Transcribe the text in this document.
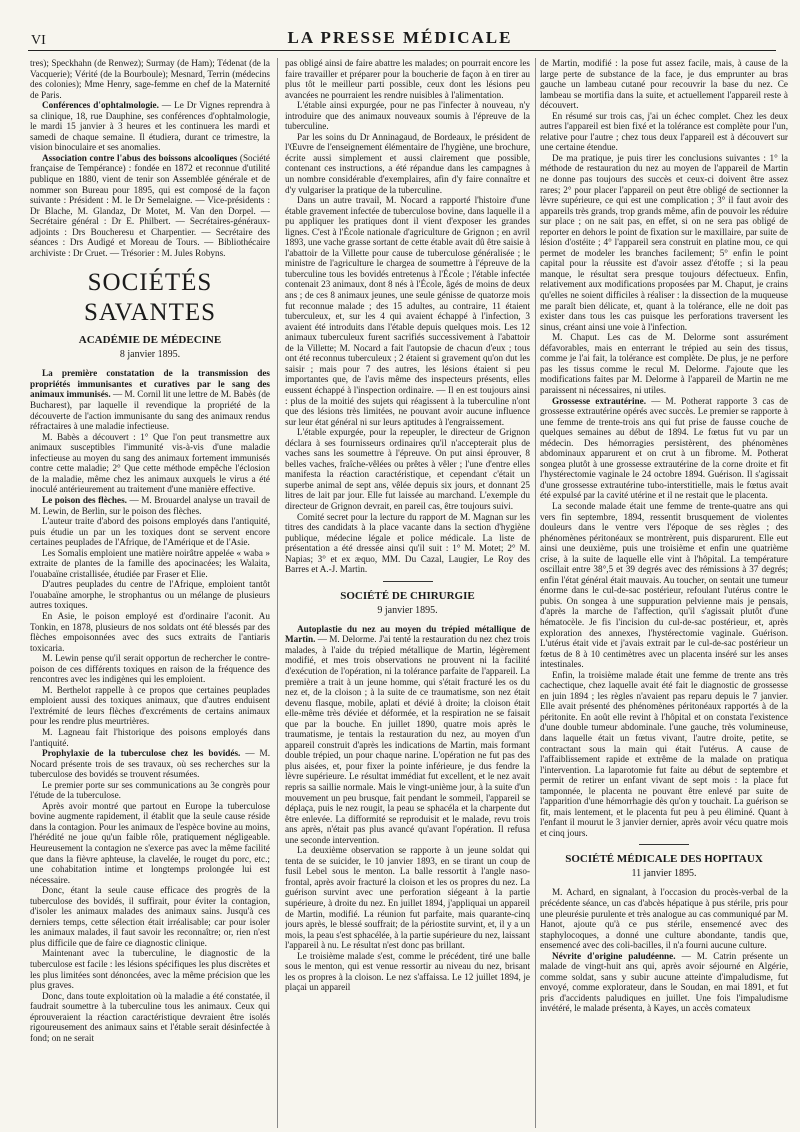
VI	LA PRESSE MÉDICALE

tres); Speckhahn (de Renwez); Surmay (de Ham); Tédenat (de la Vacquerie); Vérité (de la Bourboule); Mesnard, Terrin (médecins des colonies); Mme Henry, sage-femme en chef de la Maternité de Paris.

Conférences d'ophtalmologie. — Le Dr Vignes reprendra à sa clinique, 18, rue Dauphine, ses conférences d'ophtalmologie, le mardi 15 janvier à 3 heures et les continuera les mardi et samedi de chaque semaine. Il étudiera, durant ce trimestre, la vision binoculaire et ses anomalies.

Association contre l'abus des boissons alcooliques (Société française de Tempérance) : fondée en 1872 et reconnue d'utilité publique en 1880, vient de tenir son Assemblée générale et de nommer son Bureau pour 1895, qui est composé de la façon suivante : Président : M. le Dr Semelaigne. — Vice-présidents : Dr Blache, M. Glandaz, Dr Motet, M. Van den Dorpel. — Secrétaire général : Dr E. Philbert. — Secrétaires-généraux-adjoints : Drs Boucheresu et Charpentier. — Secrétaire des séances : Drs Audigé et Moreau de Tours. — Bibliothécaire archiviste : Dr Cruet. — Trésorier : M. Jules Robyns.

SOCIÉTÉS SAVANTES
ACADÉMIE DE MÉDECINE
8 janvier 1895.

La première constatation de la transmission des propriétés immunisantes et curatives par le sang des animaux immunisés. — M. Cornil lit une lettre de M. Babès (de Bucharest), par laquelle il revendique la propriété de la découverte de l'action immunisante du sang des animaux rendus réfractaires à une maladie infectieuse.

M. Babès a découvert : 1° Que l'on peut transmettre aux animaux susceptibles l'immunité vis-à-vis d'une maladie infectieuse au moyen du sang des animaux fortement immunisés contre cette maladie; 2° Que cette méthode empêche l'éclosion de la maladie, même chez les animaux auxquels le virus a été inoculé antérieurement au traitement d'une manière effective.

Le poison des flèches. — M. Brouardel analyse un travail de M. Lewin, de Berlin, sur le poison des flèches.

L'auteur traite d'abord des poisons employés dans l'antiquité, puis étudie un par un les toxiques dont se servent encore certaines peuplades de l'Afrique, de l'Amérique et de l'Asie.

Les Somalis emploient une matière noirâtre appelée « waba » extraite de plantes de la famille des apocinacées; les Walaita, l'ouabaïne cristallisée, étudiée par Fraser et Elie.

D'autres peuplades du centre de l'Afrique, emploient tantôt l'ouabaïne amorphe, le strophantus ou un mélange de plusieurs autres toxiques.

En Asie, le poison employé est d'ordinaire l'aconit. Au Tonkin, en 1878, plusieurs de nos soldats ont été blessés par des flèches empoisonnées avec des sucs extraits de l'antiaris toxicaria.

M. Lewin pense qu'il serait opportun de rechercher le contre-poison de ces différents toxiques en raison de la fréquence des rencontres avec les indigènes qui les emploient.

M. Berthelot rappelle à ce propos que certaines peuplades emploient aussi des toxiques animaux, que d'autres enduisent l'extrémité de leurs flèches d'excréments de certains animaux pour les rendre plus meurtrières.

M. Lagneau fait l'historique des poisons employés dans l'antiquité.

Prophylaxie de la tuberculose chez les bovidés. — M. Nocard présente trois de ses travaux, où ses recherches sur la tuberculose des bovidés se trouvent résumées.

Le premier porte sur ses communications au 3e congrès pour l'étude de la tuberculose.

Après avoir montré que partout en Europe la tuberculose bovine augmente rapidement, il établit que la seule cause réside dans la contagion. Pour les animaux de l'espèce bovine au moins, l'hérédité ne joue qu'un faible rôle, pratiquement négligeable. Heureusement la contagion ne s'exerce pas avec la même facilité que dans la fièvre aphteuse, la clavelée, le rouget du porc, etc.; une cohabitation intime et longtemps prolongée lui est nécessaire.

Donc, étant la seule cause efficace des progrès de la tuberculose des bovidés, il suffirait, pour éviter la contagion, d'isoler les animaux malades des animaux sains. Jusqu'à ces derniers temps, cette sélection était irréalisable; car pour isoler les animaux malades, il faut savoir les reconnaître; or, rien n'est plus difficile que de faire ce diagnostic clinique.

Maintenant avec la tuberculine, le diagnostic de la tuberculose est facile : les lésions spécifiques les plus discrètes et les plus limitées sont dénoncées, avec la même précision que les plus graves.

Donc, dans toute exploitation où la maladie a été constatée, il faudrait soumettre à la tuberculine tous les animaux. Ceux qui éprouveraient la réaction caractéristique devraient être isolés rigoureusement des animaux sains et l'étable serait désinfectée à fond; on ne serait

pas obligé ainsi de faire abattre les malades; on pourrait encore les faire travailler et préparer pour la boucherie de façon à en tirer au plus tôt le meilleur parti possible, ceux dont les lésions peu avancées ne pourraient les rendre nuisibles à l'alimentation.

L'étable ainsi expurgée, pour ne pas l'infecter à nouveau, n'y introduire que des animaux nouveaux soumis à l'épreuve de la tuberculine.

Par les soins du Dr Anninagaud, de Bordeaux, le président de l'Œuvre de l'enseignement élémentaire de l'hygiène, une brochure, écrite aussi simplement et aussi clairement que possible, contenant ces instructions, a été répandue dans les campagnes à un nombre considérable d'exemplaires, afin d'y faire connaître et d'y vulgariser la pratique de la tuberculine.

Dans un autre travail, M. Nocard a rapporté l'histoire d'une étable gravement infectée de tuberculose bovine, dans laquelle il a pu appliquer les pratiques dont il vient d'exposer les grandes lignes. C'est à l'École nationale d'agriculture de Grignon ; en avril 1893, une vache grasse sortant de cette étable avait dû être saisie à l'abattoir de la Villette pour cause de tuberculose généralisée ; le ministre de l'agriculture le chargea de soumettre à l'épreuve de la tuberculine tous les bovidés entretenus à l'École ; l'étable infectée contenait 23 animaux, dont 8 nés à l'École, âgés de moins de deux ans ; de ces 8 animaux jeunes, une seule génisse de quatorze mois fut reconnue malade ; des 15 adultes, au contraire, 11 étaient tuberculeux, et, sur les 4 qui avaient échappé à l'infection, 3 avaient été introduits dans l'étable depuis quelques mois. Les 12 animaux tuberculeux furent sacrifiés successivement à l'abattoir de la Villette; M. Nocard a fait l'autopsie de chacun d'eux ; tous ont été reconnus tuberculeux ; 2 étaient si gravement qu'on dut les saisir ; mais pour 7 des autres, les lésions étaient si peu importantes que, de l'avis même des inspecteurs présents, elles eussent échappé à l'inspection ordinaire. — Il en est toujours ainsi : plus de la moitié des sujets qui réagissent à la tuberculine n'ont que des lésions très limitées, ne pouvant avoir aucune influence sur leur état général ni sur leurs aptitudes à l'engraissement.

L'étable expurgée, pour la repeupler, le directeur de Grignon déclara à ses fournisseurs ordinaires qu'il n'accepterait plus de vaches sans les soumettre à l'épreuve. On put ainsi éprouver, 8 belles vaches, fraîche-vêlées ou prêtes à vêler ; l'une d'entre elles manifesta la réaction caractéristique, et cependant c'était un superbe animal de sept ans, vêlée depuis six jours, et donnant 25 litres de lait par jour. Elle fut laissée au marchand. L'exemple du directeur de Grignon devrait, en pareil cas, être toujours suivi.

Comité secret pour la lecture du rapport de M. Magnan sur les titres des candidats à la place vacante dans la section d'hygiène publique, médecine légale et police médicale. La liste de présentation a été dressée ainsi qu'il suit : 1° M. Motet; 2° M. Napias; 3° et ex æquo, MM. Du Cazal, Laugier, Le Roy des Barres et A.-J. Martin.

SOCIÉTÉ DE CHIRURGIE
9 janvier 1895.

Autoplastie du nez au moyen du trépied métallique de Martin. — M. Delorme. J'ai tenté la restauration du nez chez trois malades, à l'aide du trépied métallique de Martin, légèrement modifié, et mes trois observations ne prouvent ni la facilité d'exécution de l'opération, ni la tolérance parfaite de l'appareil. La première a trait à un jeune homme, qui s'était fracturé les os du nez et, de la cloison ; à la suite de ce traumatisme, son nez était devenu flasque, mobile, aplati et dévié à droite; la cloison était elle-même très déviée et déformée, et la respiration ne se faisait que par la bouche. En juillet 1890, quatre mois après le traumatisme, je tentais la restauration du nez, au moyen d'un appareil construit d'après les indications de Martin, mais formant double trépied, un pour chaque narine. L'opération ne fut pas des plus aisées, et, pour fixer la pointe inférieure, je dus fendre la lèvre supérieure. Le résultat immédiat fut excellent, et le nez avait repris sa saillie normale. Mais le vingt-unième jour, à la suite d'un mouvement un peu brusque, fait pendant le sommeil, l'appareil se déplaça, puis le nez rougit, la peau se sphacéla et la charpente dut être enlevée. La difformité se reproduisit et le malade, revu trois ans après, n'était pas plus avancé qu'avant l'opération. Il refusa une seconde intervention.

La deuxième observation se rapporte à un jeune soldat qui tenta de se suicider, le 10 janvier 1893, en se tirant un coup de fusil Lebel sous le menton. La balle ressortit à l'angle naso-frontal, après avoir fracturé la cloison et les os propres du nez. La guérison survint avec une perforation siégeant à la partie supérieure, à droite du nez. En juillet 1894, j'appliquai un appareil de Martin, modifié. La réunion fut parfaite, mais quarante-cinq jours après, le blessé souffrait; de la périostite survint, et, il y a un mois, la peau s'est sphacélée, à la partie supérieure du nez, laissant l'appareil à nu. Le résultat n'est donc pas brillant.

Le troisième malade s'est, comme le précédent, tiré une balle sous le menton, qui est venue ressortir au niveau du nez, brisant les os propres à la cloison. Le nez s'affaissa. Le 12 juillet 1894, je plaçai un appareil

de Martin, modifié : la pose fut assez facile, mais, à cause de la large perte de substance de la face, je dus emprunter au bras gauche un lambeau cutané pour recouvrir la base du nez. Ce lambeau se mortifia dans la suite, et actuellement l'appareil reste à découvert.

En résumé sur trois cas, j'ai un échec complet. Chez les deux autres l'appareil est bien fixé et la tolérance est complète pour l'un, relative pour l'autre ; chez tous deux l'appareil est à découvert sur une certaine étendue.

De ma pratique, je puis tirer les conclusions suivantes : 1° la méthode de restauration du nez au moyen de l'appareil de Martin ne donne pas toujours des succès et ceux-ci doivent être assez rares; 2° pour placer l'appareil on peut être obligé de sectionner la lèvre supérieure, ce qui est une complication ; 3° il faut avoir des appareils très grands, trop grands même, afin de pouvoir les réduire sur place ; on ne sait pas, en effet, si on ne sera pas obligé de reporter en dehors le point de fixation sur le maxillaire, par suite de lésion d'ostéite ; 4° l'appareil sera construit en platine mou, ce qui permet de modeler les branches facilement; 5° enfin le point capital pour la réussite est d'avoir assez d'étoffe ; si la peau manque, le résultat sera presque toujours défectueux. Enfin, relativement aux modifications proposées par M. Chaput, je crains qu'elles ne soient difficiles à réaliser : la dissection de la muqueuse me paraît bien délicate, et, quant à la tolérance, elle ne doit pas exister dans tous les cas puisque les perforations traversent les sinus, créant ainsi une voie à l'infection.

M. Chaput. Les cas de M. Delorme sont assurément défavorables, mais en enterrant le trépied au sein des tissus, comme je l'ai fait, la tolérance est complète. De plus, je ne perfore pas les tissus comme le recul M. Delorme. J'ajoute que les modifications faites par M. Delorme à l'appareil de Martin ne me paraissent ni nécessaires, ni utiles.

Grossesse extrautérine. — M. Potherat rapporte 3 cas de grossesse extrautérine opérés avec succès. Le premier se rapporte à une femme de trente-trois ans qui fut prise de fausse couche de quelques semaines au début de 1894. Le fœtus fut vu par un médecin. Des hémorragies persistèrent, des phénomènes abdominaux apparurent et on crut à un fibrome. M. Potherat songea plutôt à une grossesse extrautérine de la corne droite et fit l'hystérectomie vaginale le 24 octobre 1894. Guérison. Il s'agissait d'une grossesse extrautérine tubo-interstitielle, mais le fœtus avait été expulsé par la cavité utérine et il ne restait que le placenta.

La seconde malade était une femme de trente-quatre ans qui vers fin septembre, 1894, ressentit brusquement de violentes douleurs dans le ventre vers l'époque de ses règles ; des phénomènes péritonéaux se montrèrent, puis disparurent. Elle eut ainsi une deuxième, puis une troisième et enfin une quatrième crise, à la suite de laquelle elle vint à l'hôpital. La température oscillait entre 38°,5 et 39 degrés avec des rémissions à 37 degrés; enfin l'état général était mauvais. Au toucher, on sentait une tumeur énorme dans le cul-de-sac postérieur, refoulant l'utérus contre le pubis. On songea à une suppuration pelvienne mais je pensais, d'après la marche de l'affection, qu'il s'agissait plutôt d'une hématocèle. Je fis l'incision du cul-de-sac postérieur, et, après exploration des annexes, l'hystérectomie vaginale. Guérison. L'utérus était vide et j'avais extrait par le cul-de-sac postérieur un fœtus de 8 à 10 centimètres avec un placenta inséré sur les anses intestinales.

Enfin, la troisième malade était une femme de trente ans très cachectique, chez laquelle avait été fait le diagnostic de grossesse en juin 1894 ; les règles n'avaient pas reparu depuis le 7 janvier. Elle avait présenté des phénomènes péritonéaux rapportés à de la péritonite. En août elle revint à l'hôpital et on constata l'existence d'une double tumeur abdominale. l'une gauche, très volumineuse, dans laquelle était un fœtus vivant, l'autre droite, petite, se contractant sous la main qui était l'utérus. A cause de l'affaiblissement rapide et extrême de la malade on pratiqua l'intervention. La laparotomie fut faite au début de septembre et permit de retirer un enfant vivant de sept mois : la place fut tamponnée, le placenta ne pouvant être enlevé par suite de l'apparition d'une hémorrhagie dès qu'on y touchait. La guérison se fit, mais lentement, et le placenta fut peu à peu éliminé. Quant à l'enfant il mourut le 3 janvier dernier, après avoir vécu quatre mois et cinq jours.

SOCIÉTÉ MÉDICALE DES HOPITAUX
11 janvier 1895.

M. Achard, en signalant, à l'occasion du procès-verbal de la précédente séance, un cas d'abcès hépatique à pus stérile, pris pour une pleurésie purulente et très analogue au cas communiqué par M. Hanot, ajoute qu'à ce pus stérile, ensemencé avec des staphylocoques, a donné une culture abondante, tandis que, ensemencé avec des coli-bacilles, il n'a fourni aucune culture.

Névrite d'origine paludéenne. — M. Catrin présente un malade de vingt-huit ans qui, après avoir séjourné en Algérie, comme soldat, sans y subir aucune atteinte d'impaludisme, fut envoyé, comme explorateur, dans le Soudan, en mai 1891, et fut pris d'accidents paludiques en juillet. Une fois l'impaludisme invétéré, le malade présenta, à Kayes, un accès comateux
